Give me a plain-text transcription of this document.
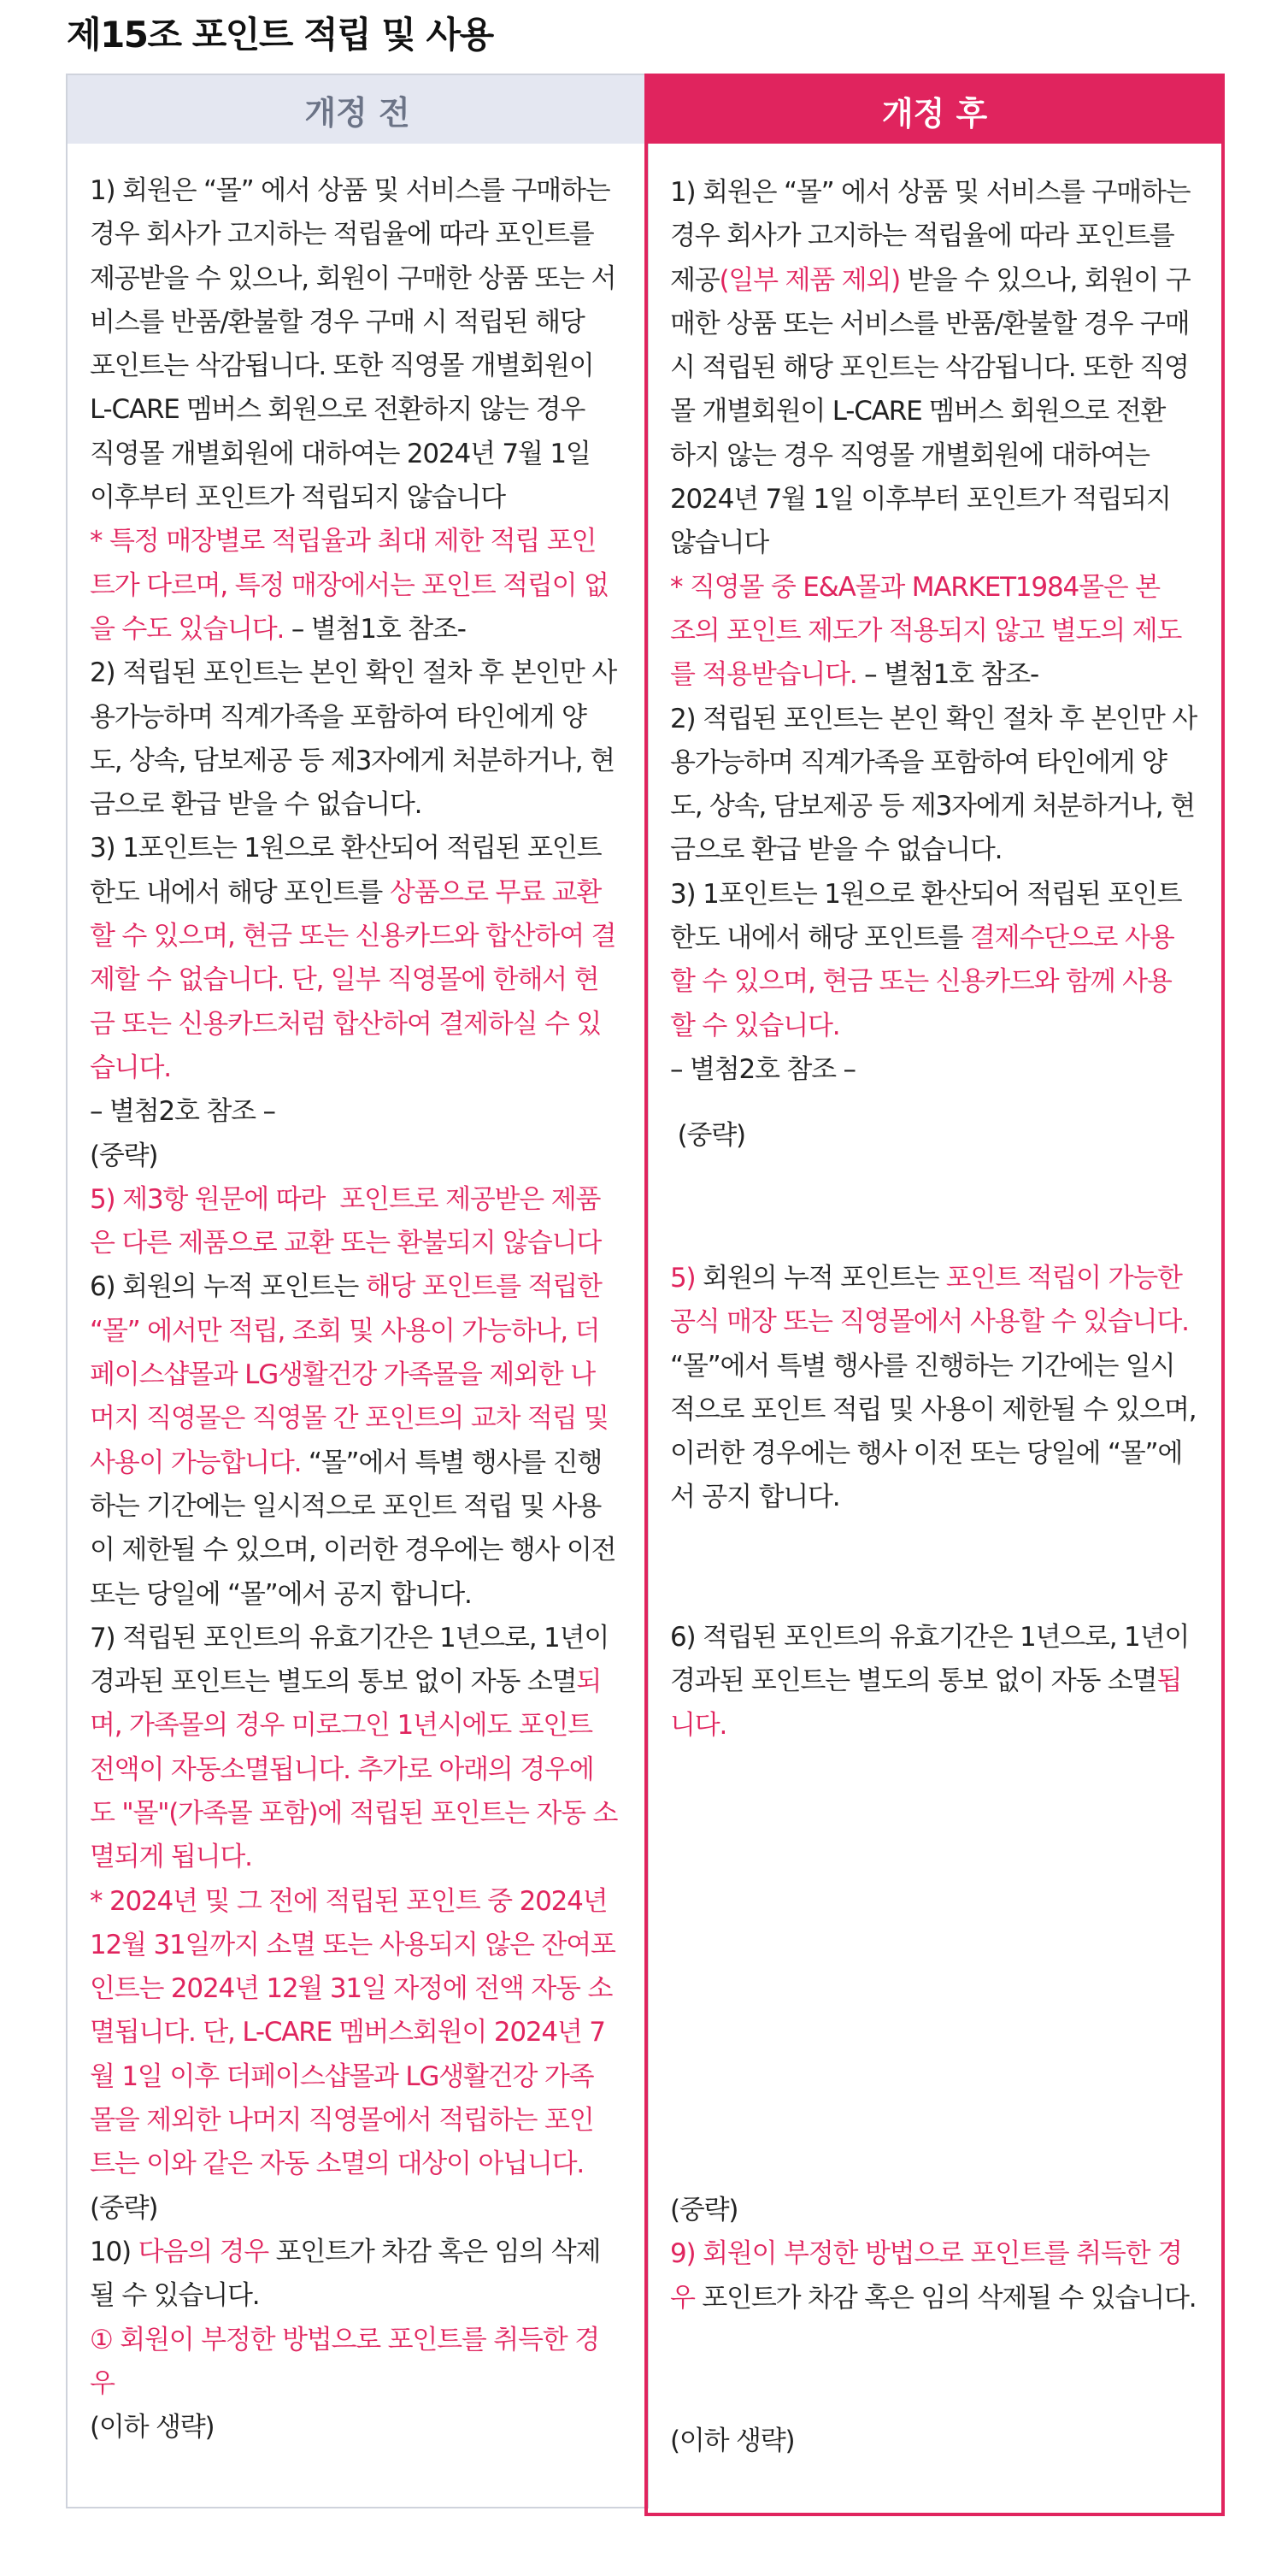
제15조 포인트 적립 및 사용
개정 전
1) 회원은 “몰” 에서 상품 및 서비스를 구매하는
경우 회사가 고지하는 적립율에 따라 포인트를
제공받을 수 있으나, 회원이 구매한 상품 또는 서
비스를 반품/환불할 경우 구매 시 적립된 해당
포인트는 삭감됩니다. 또한 직영몰 개별회원이
L-CARE 멤버스 회원으로 전환하지 않는 경우
직영몰 개별회원에 대하여는 2024년 7월 1일
이후부터 포인트가 적립되지 않습니다
* 특정 매장별로 적립율과 최대 제한 적립 포인
트가 다르며, 특정 매장에서는 포인트 적립이 없
을 수도 있습니다. – 별첨1호 참조-
2) 적립된 포인트는 본인 확인 절차 후 본인만 사
용가능하며 직계가족을 포함하여 타인에게 양
도, 상속, 담보제공 등 제3자에게 처분하거나, 현
금으로 환급 받을 수 없습니다.
3) 1포인트는 1원으로 환산되어 적립된 포인트
한도 내에서 해당 포인트를 상품으로 무료 교환
할 수 있으며, 현금 또는 신용카드와 합산하여 결
제할 수 없습니다. 단, 일부 직영몰에 한해서 현
금 또는 신용카드처럼 합산하여 결제하실 수 있
습니다.
– 별첨2호 참조 –
(중략)
5) 제3항 원문에 따라  포인트로 제공받은 제품
은 다른 제품으로 교환 또는 환불되지 않습니다
6) 회원의 누적 포인트는 해당 포인트를 적립한
“몰” 에서만 적립, 조회 및 사용이 가능하나, 더
페이스샵몰과 LG생활건강 가족몰을 제외한 나
머지 직영몰은 직영몰 간 포인트의 교차 적립 및
사용이 가능합니다. “몰”에서 특별 행사를 진행
하는 기간에는 일시적으로 포인트 적립 및 사용
이 제한될 수 있으며, 이러한 경우에는 행사 이전
또는 당일에 “몰”에서 공지 합니다.
7) 적립된 포인트의 유효기간은 1년으로, 1년이
경과된 포인트는 별도의 통보 없이 자동 소멸되
며, 가족몰의 경우 미로그인 1년시에도 포인트
전액이 자동소멸됩니다. 추가로 아래의 경우에
도 "몰"(가족몰 포함)에 적립된 포인트는 자동 소
멸되게 됩니다.
* 2024년 및 그 전에 적립된 포인트 중 2024년
12월 31일까지 소멸 또는 사용되지 않은 잔여포
인트는 2024년 12월 31일 자정에 전액 자동 소
멸됩니다. 단, L-CARE 멤버스회원이 2024년 7
월 1일 이후 더페이스샵몰과 LG생활건강 가족
몰을 제외한 나머지 직영몰에서 적립하는 포인
트는 이와 같은 자동 소멸의 대상이 아닙니다.
(중략)
10) 다음의 경우 포인트가 차감 혹은 임의 삭제
될 수 있습니다.
① 회원이 부정한 방법으로 포인트를 취득한 경
우
(이하 생략)
개정 후
1) 회원은 “몰” 에서 상품 및 서비스를 구매하는
경우 회사가 고지하는 적립율에 따라 포인트를
제공(일부 제품 제외) 받을 수 있으나, 회원이 구
매한 상품 또는 서비스를 반품/환불할 경우 구매
시 적립된 해당 포인트는 삭감됩니다. 또한 직영
몰 개별회원이 L-CARE 멤버스 회원으로 전환
하지 않는 경우 직영몰 개별회원에 대하여는
2024년 7월 1일 이후부터 포인트가 적립되지
않습니다
* 직영몰 중 E&A몰과 MARKET1984몰은 본
조의 포인트 제도가 적용되지 않고 별도의 제도
를 적용받습니다. – 별첨1호 참조-
2) 적립된 포인트는 본인 확인 절차 후 본인만 사
용가능하며 직계가족을 포함하여 타인에게 양
도, 상속, 담보제공 등 제3자에게 처분하거나, 현
금으로 환급 받을 수 없습니다.
3) 1포인트는 1원으로 환산되어 적립된 포인트
한도 내에서 해당 포인트를 결제수단으로 사용
할 수 있으며, 현금 또는 신용카드와 함께 사용
할 수 있습니다.
– 별첨2호 참조 –
(중략)
5) 회원의 누적 포인트는 포인트 적립이 가능한
공식 매장 또는 직영몰에서 사용할 수 있습니다.
“몰”에서 특별 행사를 진행하는 기간에는 일시
적으로 포인트 적립 및 사용이 제한될 수 있으며,
이러한 경우에는 행사 이전 또는 당일에 “몰”에
서 공지 합니다.
6) 적립된 포인트의 유효기간은 1년으로, 1년이
경과된 포인트는 별도의 통보 없이 자동 소멸됩
니다.
(중략)
9) 회원이 부정한 방법으로 포인트를 취득한 경
우 포인트가 차감 혹은 임의 삭제될 수 있습니다.
(이하 생략)
